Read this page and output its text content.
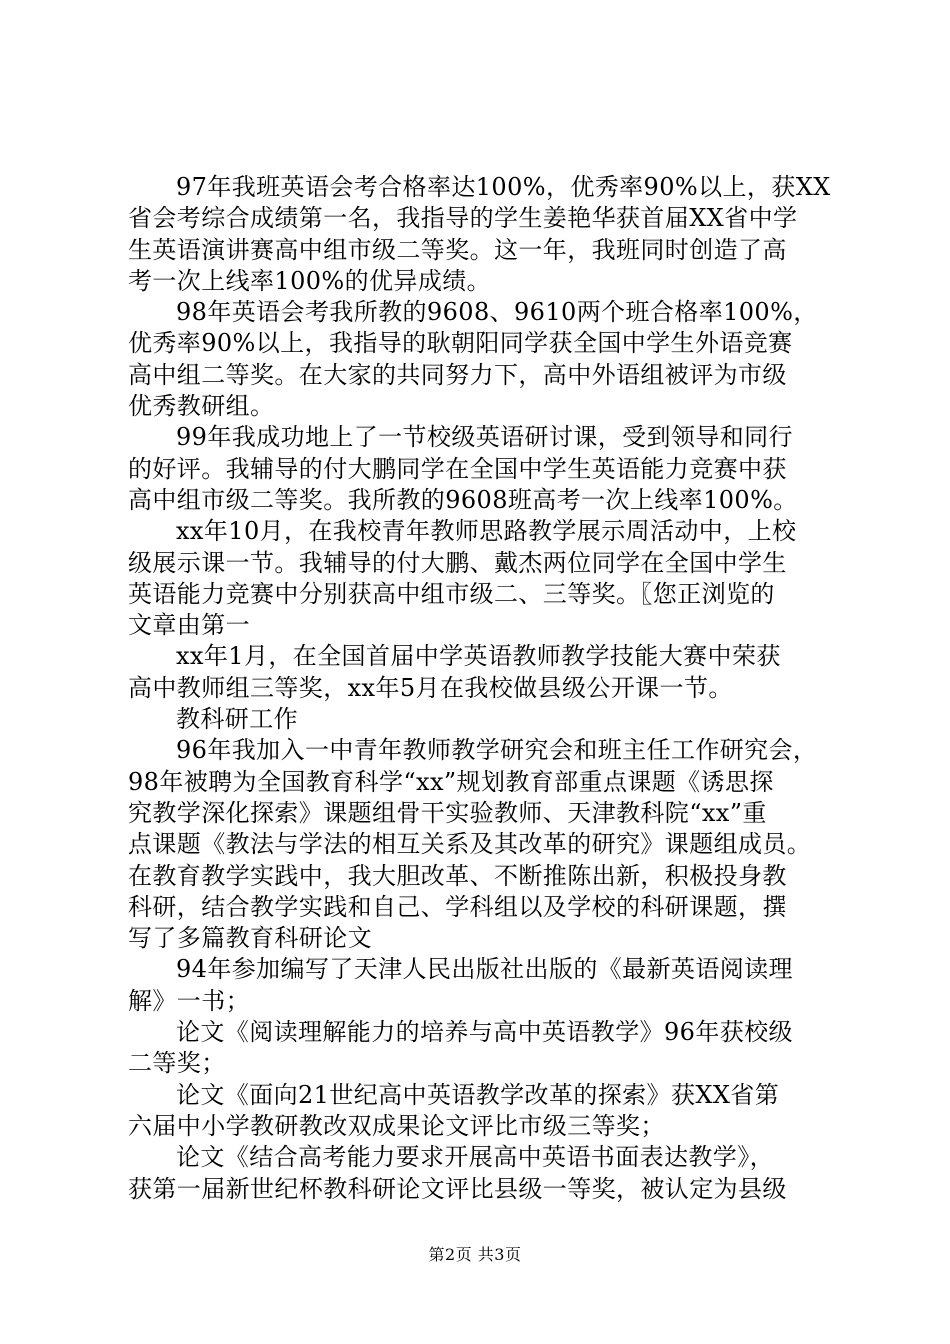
97年我班英语会考合格率达100%，优秀率90%以上，获XX
省会考综合成绩第一名，我指导的学生姜艳华获首届XX省中学
生英语演讲赛高中组市级二等奖。这一年，我班同时创造了高
考一次上线率100%的优异成绩。
98年英语会考我所教的9608、9610两个班合格率100%，
优秀率90%以上，我指导的耿朝阳同学获全国中学生外语竞赛
高中组二等奖。在大家的共同努力下，高中外语组被评为市级
优秀教研组。
99年我成功地上了一节校级英语研讨课，受到领导和同行
的好评。我辅导的付大鹏同学在全国中学生英语能力竞赛中获
高中组市级二等奖。我所教的9608班高考一次上线率100%。
xx年10月，在我校青年教师思路教学展示周活动中，上校
级展示课一节。我辅导的付大鹏、戴杰两位同学在全国中学生
英语能力竞赛中分别获高中组市级二、三等奖。〖您正浏览的
文章由第一
xx年1月，在全国首届中学英语教师教学技能大赛中荣获
高中教师组三等奖，xx年5月在我校做县级公开课一节。
教科研工作
96年我加入一中青年教师教学研究会和班主任工作研究会，
98年被聘为全国教育科学“xx”规划教育部重点课题《诱思探
究教学深化探索》课题组骨干实验教师、天津教科院“xx”重
点课题《教法与学法的相互关系及其改革的研究》课题组成员。
在教育教学实践中，我大胆改革、不断推陈出新，积极投身教
科研，结合教学实践和自己、学科组以及学校的科研课题，撰
写了多篇教育科研论文
94年参加编写了天津人民出版社出版的《最新英语阅读理
解》一书；
论文《阅读理解能力的培养与高中英语教学》96年获校级
二等奖；
论文《面向21世纪高中英语教学改革的探索》获XX省第
六届中小学教研教改双成果论文评比市级三等奖；
论文《结合高考能力要求开展高中英语书面表达教学》，
获第一届新世纪杯教科研论文评比县级一等奖，被认定为县级
第2页 共3页
